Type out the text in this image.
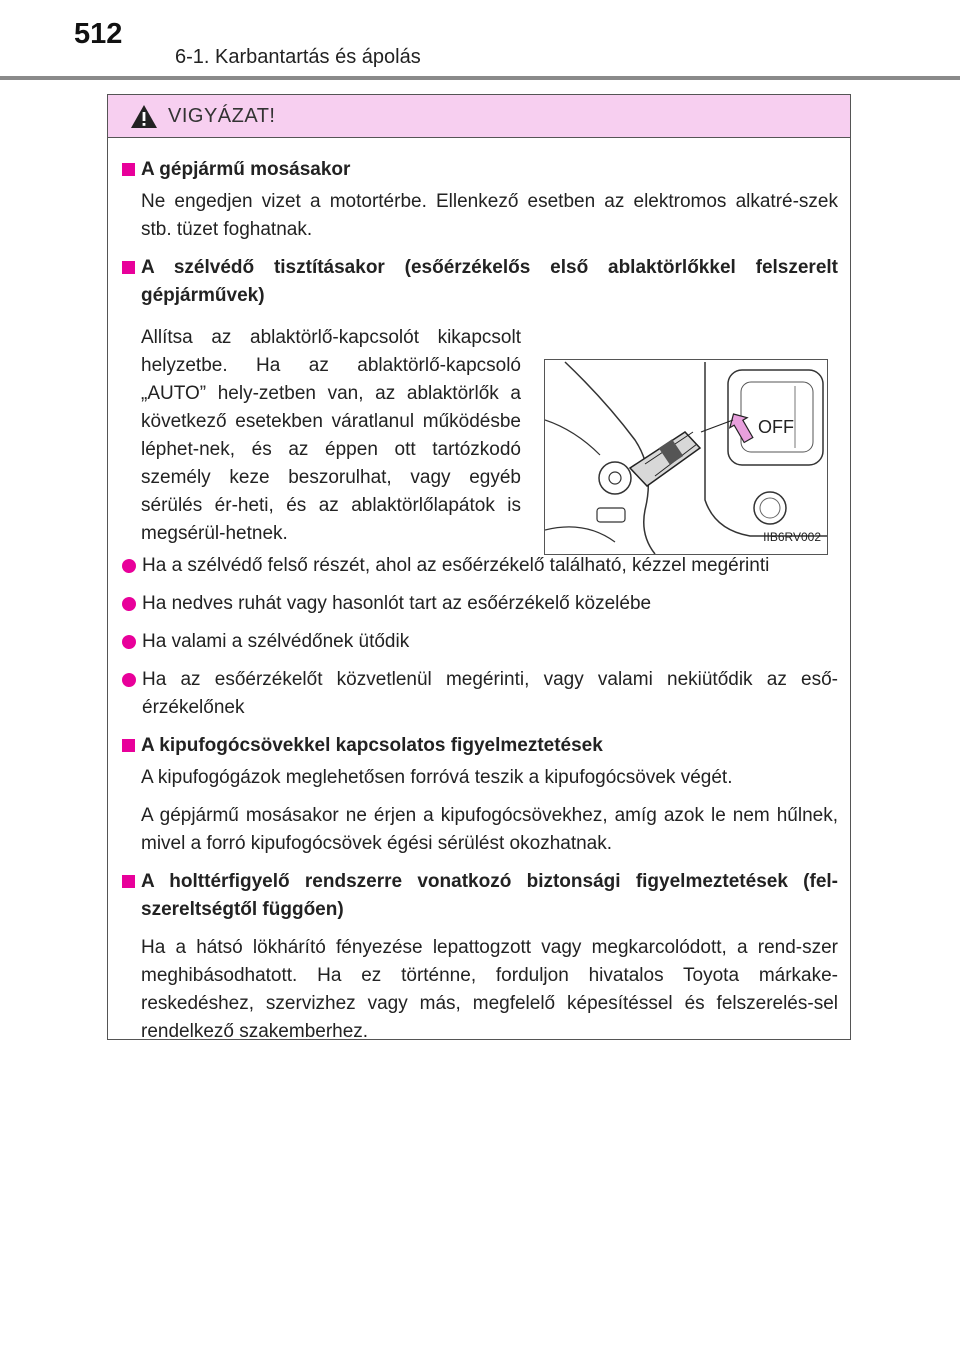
512
6-1. Karbantartás és ápolás
VIGYÁZAT!
A gépjármű mosásakor

Ne engedjen vizet a motortérbe. Ellenkező esetben az elektromos alkatré-szek stb. tüzet foghatnak.

A szélvédő tisztításakor (esőérzékelős első ablaktörlőkkel felszerelt gépjárművek)

Allítsa az ablaktörlő-kapcsolót kikapcsolt helyzetbe. Ha az ablaktörlő-kapcsoló „AUTO” hely-zetben van, az ablaktörlők a következő esetekben váratlanul működésbe léphet-nek, és az éppen ott tartózkodó személy keze beszorulhat, vagy egyéb sérülés ér-heti, és az ablaktörlőlapátok is megsérül-hetnek.

OFF
IIB6RV002
Ha a szélvédő felső részét, ahol az esőérzékelő található, kézzel megérinti
Ha nedves ruhát vagy hasonlót tart az esőérzékelő közelébe
Ha valami a szélvédőnek ütődik
Ha az esőérzékelőt közvetlenül megérinti, vagy valami nekiütődik az eső-érzékelőnek
A kipufogócsövekkel kapcsolatos figyelmeztetések

A kipufogógázok meglehetősen forróvá teszik a kipufogócsövek végét.

A gépjármű mosásakor ne érjen a kipufogócsövekhez, amíg azok le nem hűlnek, mivel a forró kipufogócsövek égési sérülést okozhatnak.

A holttérfigyelő rendszerre vonatkozó biztonsági figyelmeztetések (fel-szereltségtől függően)

Ha a hátsó lökhárító fényezése lepattogzott vagy megkarcolódott, a rend-szer meghibásodhatott. Ha ez történne, forduljon hivatalos Toyota márkake-reskedéshez, szervizhez vagy más, megfelelő képesítéssel és felszerelés-sel rendelkező szakemberhez.
